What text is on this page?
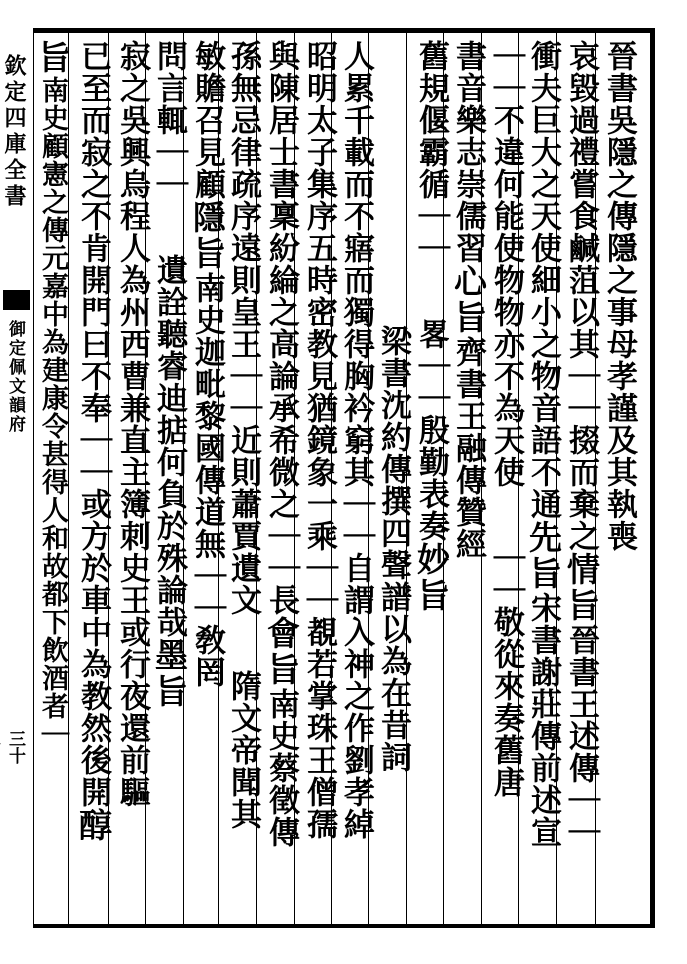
欽定四庫全書
御定佩文韻府
三十
晉書吳隱之傳隱之事母孝謹及其執喪
哀毀過禮嘗食鹹菹以其｜｜掇而棄之情旨晉書王述傳｜｜
衝夫巨大之天使細小之物音語不通先旨宋書謝莊傳前述宣
｜｜不違何能使物物亦不為天使 ｜｜敬從來奏舊唐
書音樂志崇儒習心旨齊書王融傳贊經
舊規偃霸循｜｜ 畧｜｜殷勤表奏妙旨
梁書沈約傳撰四聲譜以為在昔詞
人累千載而不寤而獨得胸衿窮其｜｜自謂入神之作劉孝綽
昭明太子集序五時密教見猶鏡象一乘｜｜覩若掌珠王僧孺
與陳居士書稟紛綸之高論承希微之｜｜長會旨南史蔡徵傳
孫無忌律疏序遠則皇王｜｜近則蕭賈遺文 隋文帝聞其
敏贍召見顧隱旨南史迦毗黎國傳道無｜｜敎罔
問言輒｜｜ 遺詮聽睿迪掂何負於殊論哉墨旨
寂之吳興烏程人為州西曹兼直主簿刺史王或行夜還前驅
已至而寂之不肯開門曰不奉｜｜或方於車中為教然後開醇
旨南史顧憲之傳元嘉中為建康令甚得人和故都下飲酒者｜
